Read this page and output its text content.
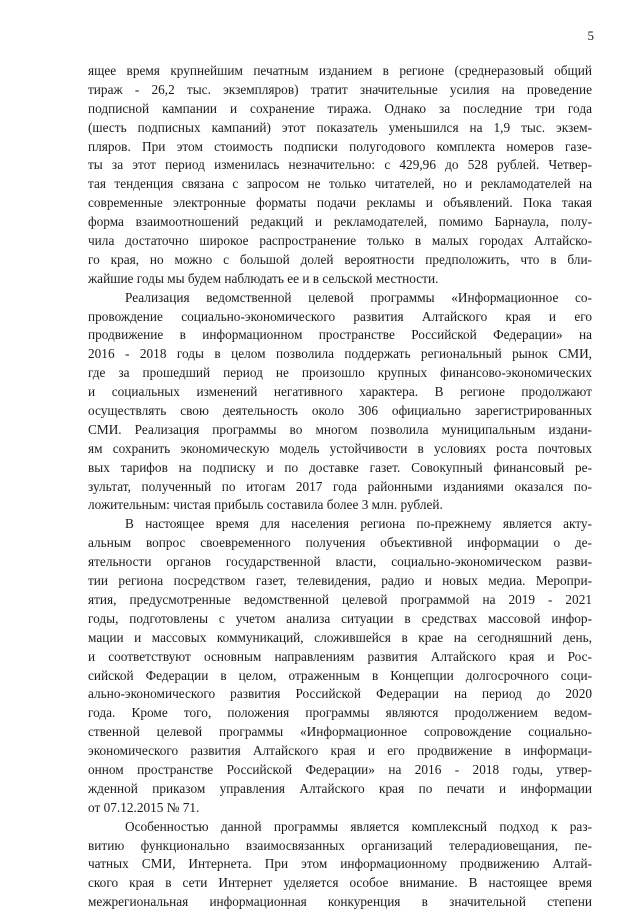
5
ящее время крупнейшим печатным изданием в регионе (среднеразовый общий
тираж - 26,2 тыс. экземпляров) тратит значительные усилия на проведение
подписной кампании и сохранение тиража. Однако за последние три года
(шесть подписных кампаний) этот показатель уменьшился на 1,9 тыс. экзем-
пляров. При этом стоимость подписки полугодового комплекта номеров газе-
ты за этот период изменилась незначительно: с 429,96 до 528 рублей. Четвер-
тая тенденция связана с запросом не только читателей, но и рекламодателей на
современные электронные форматы подачи рекламы и объявлений. Пока такая
форма взаимоотношений редакций и рекламодателей, помимо Барнаула, полу-
чила достаточно широкое распространение только в малых городах Алтайско-
го края, но можно с большой долей вероятности предположить, что в бли-
жайшие годы мы будем наблюдать ее и в сельской местности.
Реализация ведомственной целевой программы «Информационное со-
провождение социально-экономического развития Алтайского края и его
продвижение в информационном пространстве Российской Федерации» на
2016 - 2018 годы в целом позволила поддержать региональный рынок СМИ,
где за прошедший период не произошло крупных финансово-экономических
и социальных изменений негативного характера. В регионе продолжают
осуществлять свою деятельность около 306 официально зарегистрированных
СМИ. Реализация программы во многом позволила муниципальным издани-
ям сохранить экономическую модель устойчивости в условиях роста почтовых
вых тарифов на подписку и по доставке газет. Совокупный финансовый ре-
зультат, полученный по итогам 2017 года районными изданиями оказался по-
ложительным: чистая прибыль составила более 3 млн. рублей.
В настоящее время для населения региона по-прежнему является акту-
альным вопрос своевременного получения объективной информации о де-
ятельности органов государственной власти, социально-экономическом разви-
тии региона посредством газет, телевидения, радио и новых медиа. Меропри-
ятия, предусмотренные ведомственной целевой программой на 2019 - 2021
годы, подготовлены с учетом анализа ситуации в средствах массовой инфор-
мации и массовых коммуникаций, сложившейся в крае на сегодняшний день,
и соответствуют основным направлениям развития Алтайского края и Рос-
сийской Федерации в целом, отраженным в Концепции долгосрочного соци-
ально-экономического развития Российской Федерации на период до 2020
года. Кроме того, положения программы являются продолжением ведом-
ственной целевой программы «Информационное сопровождение социально-
экономического развития Алтайского края и его продвижение в информаци-
онном пространстве Российской Федерации» на 2016 - 2018 годы, утвер-
жденной приказом управления Алтайского края по печати и информации
от 07.12.2015 № 71.
Особенностью данной программы является комплексный подход к раз-
витию функционально взаимосвязанных организаций телерадиовещания, пе-
чатных СМИ, Интернета. При этом информационному продвижению Алтай-
ского края в сети Интернет уделяется особое внимание. В настоящее время
межрегиональная информационная конкуренция в значительной степени
